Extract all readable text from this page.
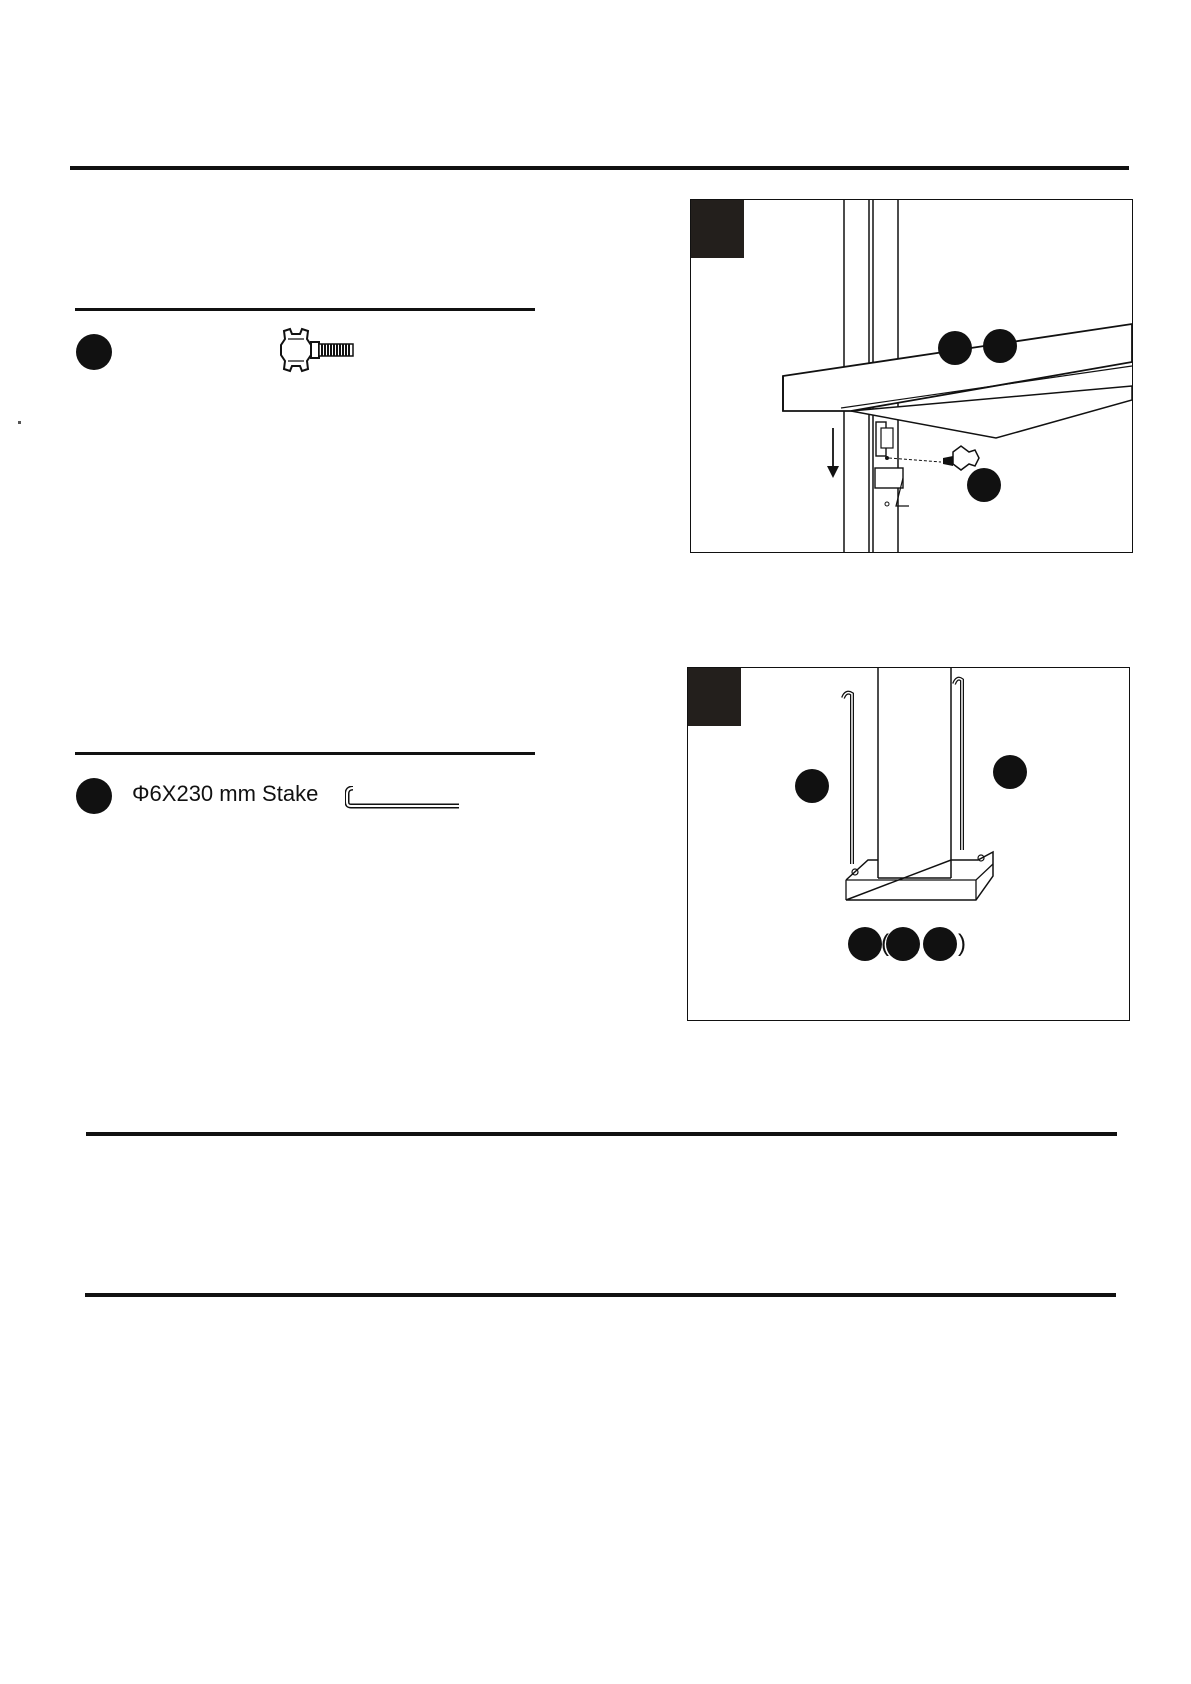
Φ6X230 mm Stake
( 、 )
